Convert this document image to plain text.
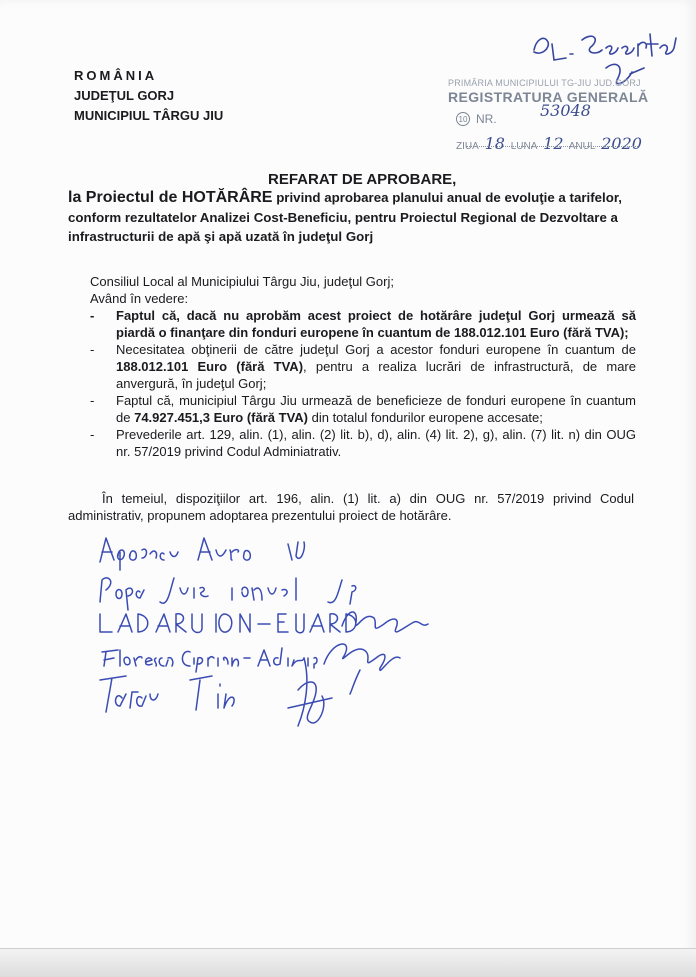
ROMÂNIA
JUDEŢUL GORJ
MUNICIPIUL TÂRGU JIU
PRIMĂRIA MUNICIPIULUI TG-JIU JUD.GORJ
REGISTRATURA GENERALĂ
10 NR.	53048
ZIUA 18 LUNA 12 ANUL 2020
REFARAT DE APROBARE,

la Proiectul de HOTĂRÂRE privind aprobarea planului anual de evoluţie a tarifelor, conform rezultatelor Analizei Cost-Beneficiu, pentru Proiectul Regional de Dezvoltare a infrastructurii de apă şi apă uzată în judeţul Gorj

Consiliul Local al Municipiului Târgu Jiu, judeţul Gorj;

Având în vedere:

- Faptul că, dacă nu aprobăm acest proiect de hotărâre judeţul Gorj urmează să piardă o finanţare din fonduri europene în cuantum de 188.012.101 Euro (fără TVA);
- Necesitatea obţinerii de către judeţul Gorj a acestor fonduri europene în cuantum de 188.012.101 Euro (fără TVA), pentru a realiza lucrări de infrastructură, de mare anvergură, în judeţul Gorj;
- Faptul că, municipiul Târgu Jiu urmează de beneficieze de fonduri europene în cuantum de 74.927.451,3 Euro (fără TVA) din totalul fondurilor europene accesate;
- Prevederile art. 129, alin. (1), alin. (2) lit. b), d), alin. (4) lit. 2), g), alin. (7) lit. n) din OUG nr. 57/2019 privind Codul Adminiatrativ.

În temeiul, dispoziţiilor art. 196, alin. (1) lit. a) din OUG nr. 57/2019 privind Codul administrativ, propunem adoptarea prezentului proiect de hotărâre.
